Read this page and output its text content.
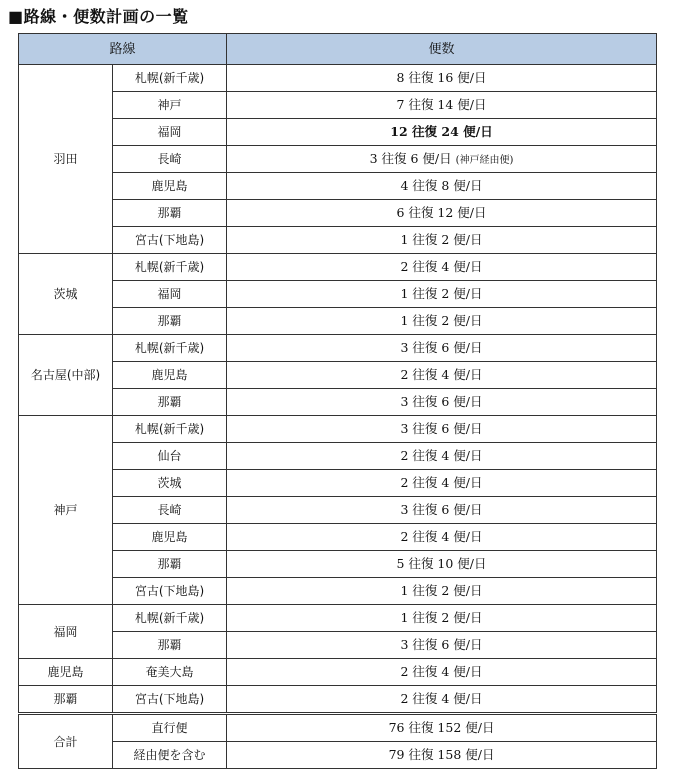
■路線・便数計画の一覧
路線		便数
羽田	札幌(新千歳)	8 往復 16 便/日
	神戸	7 往復 14 便/日
	福岡	12 往復 24 便/日
	長崎	3 往復 6 便/日 (神戸経由便)
	鹿児島	4 往復 8 便/日
	那覇	6 往復 12 便/日
	宮古(下地島)	1 往復 2 便/日
茨城	札幌(新千歳)	2 往復 4 便/日
	福岡	1 往復 2 便/日
	那覇	1 往復 2 便/日
名古屋(中部)	札幌(新千歳)	3 往復 6 便/日
	鹿児島	2 往復 4 便/日
	那覇	3 往復 6 便/日
神戸	札幌(新千歳)	3 往復 6 便/日
	仙台	2 往復 4 便/日
	茨城	2 往復 4 便/日
	長崎	3 往復 6 便/日
	鹿児島	2 往復 4 便/日
	那覇	5 往復 10 便/日
	宮古(下地島)	1 往復 2 便/日
福岡	札幌(新千歳)	1 往復 2 便/日
	那覇	3 往復 6 便/日
鹿児島	奄美大島	2 往復 4 便/日
那覇	宮古(下地島)	2 往復 4 便/日
合計	直行便	76 往復 152 便/日
	経由便を含む	79 往復 158 便/日
